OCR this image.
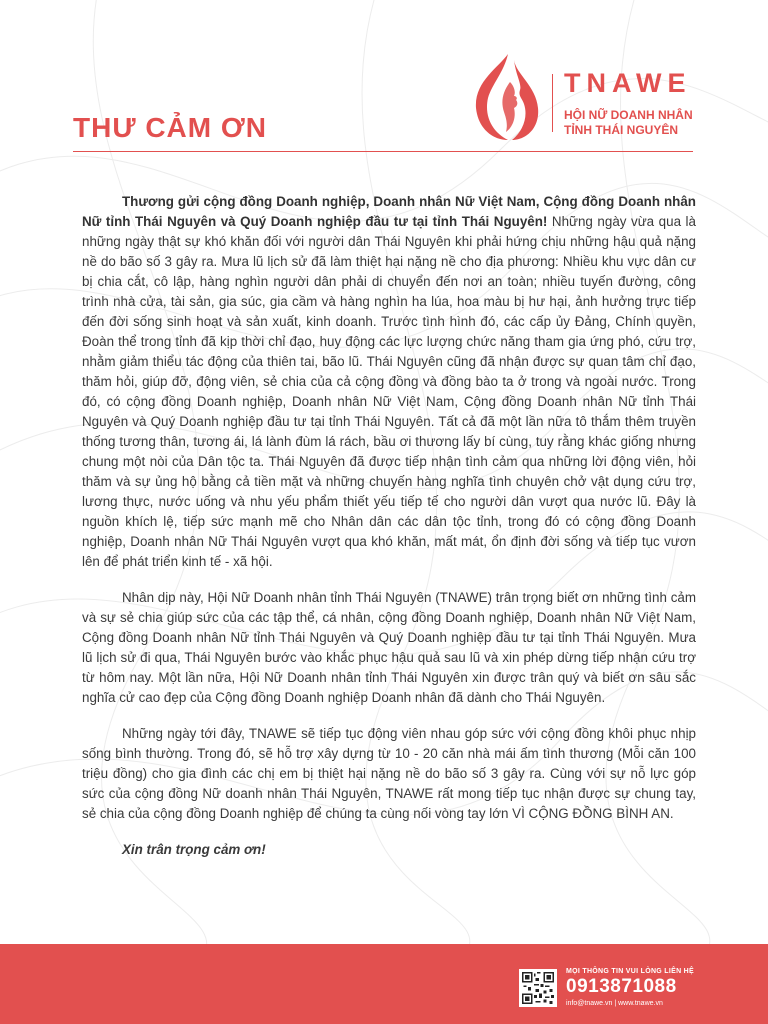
THƯ CẢM ƠN
TNAWE
HỘI NỮ DOANH NHÂN
TỈNH THÁI NGUYÊN

Thương gửi cộng đồng Doanh nghiệp, Doanh nhân Nữ Việt Nam, Cộng đồng Doanh nhân Nữ tỉnh Thái Nguyên và Quý Doanh nghiệp đầu tư tại tỉnh Thái Nguyên! Những ngày vừa qua là những ngày thật sự khó khăn đối với người dân Thái Nguyên khi phải hứng chịu những hậu quả nặng nề do bão số 3 gây ra. Mưa lũ lịch sử đã làm thiệt hại nặng nề cho địa phương: Nhiều khu vực dân cư bị chia cắt, cô lập, hàng nghìn người dân phải di chuyển đến nơi an toàn; nhiều tuyến đường, công trình nhà cửa, tài sản, gia súc, gia cầm và hàng nghìn ha lúa, hoa màu bị hư hại, ảnh hưởng trực tiếp đến đời sống sinh hoạt và sản xuất, kinh doanh. Trước tình hình đó, các cấp ủy Đảng, Chính quyền, Đoàn thể trong tỉnh đã kịp thời chỉ đạo, huy động các lực lượng chức năng tham gia ứng phó, cứu trợ, nhằm giảm thiểu tác động của thiên tai, bão lũ. Thái Nguyên cũng đã nhận được sự quan tâm chỉ đạo, thăm hỏi, giúp đỡ, động viên, sẻ chia của cả cộng đồng và đồng bào ta ở trong và ngoài nước. Trong đó, có cộng đồng Doanh nghiệp, Doanh nhân Nữ Việt Nam, Cộng đồng Doanh nhân Nữ tỉnh Thái Nguyên và Quý Doanh nghiệp đầu tư tại tỉnh Thái Nguyên. Tất cả đã một lần nữa tô thắm thêm truyền thống tương thân, tương ái, lá lành đùm lá rách, bầu ơi thương lấy bí cùng, tuy rằng khác giống nhưng chung một nòi của Dân tộc ta. Thái Nguyên đã được tiếp nhận tình cảm qua những lời động viên, hỏi thăm và sự ủng hộ bằng cả tiền mặt và những chuyến hàng nghĩa tình chuyên chở vật dụng cứu trợ, lương thực, nước uống và nhu yếu phẩm thiết yếu tiếp tế cho người dân vượt qua nước lũ. Đây là nguồn khích lệ, tiếp sức mạnh mẽ cho Nhân dân các dân tộc tỉnh, trong đó có cộng đồng Doanh nghiệp, Doanh nhân Nữ Thái Nguyên vượt qua khó khăn, mất mát, ổn định đời sống và tiếp tục vươn lên để phát triển kinh tế - xã hội.

Nhân dịp này, Hội Nữ Doanh nhân tỉnh Thái Nguyên (TNAWE) trân trọng biết ơn những tình cảm và sự sẻ chia giúp sức của các tập thể, cá nhân, cộng đồng Doanh nghiệp, Doanh nhân Nữ Việt Nam, Cộng đồng Doanh nhân Nữ tỉnh Thái Nguyên và Quý Doanh nghiệp đầu tư tại tỉnh Thái Nguyên. Mưa lũ lịch sử đi qua, Thái Nguyên bước vào khắc phục hậu quả sau lũ và xin phép dừng tiếp nhận cứu trợ từ hôm nay. Một lần nữa, Hội Nữ Doanh nhân tỉnh Thái Nguyên xin được trân quý và biết ơn sâu sắc nghĩa cử cao đẹp của Cộng đồng Doanh nghiệp Doanh nhân đã dành cho Thái Nguyên.

Những ngày tới đây, TNAWE sẽ tiếp tục động viên nhau góp sức với cộng đồng khôi phục nhịp sống bình thường. Trong đó, sẽ hỗ trợ xây dựng từ 10 - 20 căn nhà mái ấm tình thương (Mỗi căn 100 triệu đồng) cho gia đình các chị em bị thiệt hại nặng nề do bão số 3 gây ra. Cùng với sự nỗ lực góp sức của cộng đồng Nữ doanh nhân Thái Nguyên, TNAWE rất mong tiếp tục nhận được sự chung tay, sẻ chia của cộng đồng Doanh nghiệp để chúng ta cùng nối vòng tay lớn VÌ CỘNG ĐỒNG BÌNH AN.

Xin trân trọng cảm ơn!

MỌI THÔNG TIN VUI LÒNG LIÊN HỆ
0913871088
info@tnawe.vn | www.tnawe.vn
